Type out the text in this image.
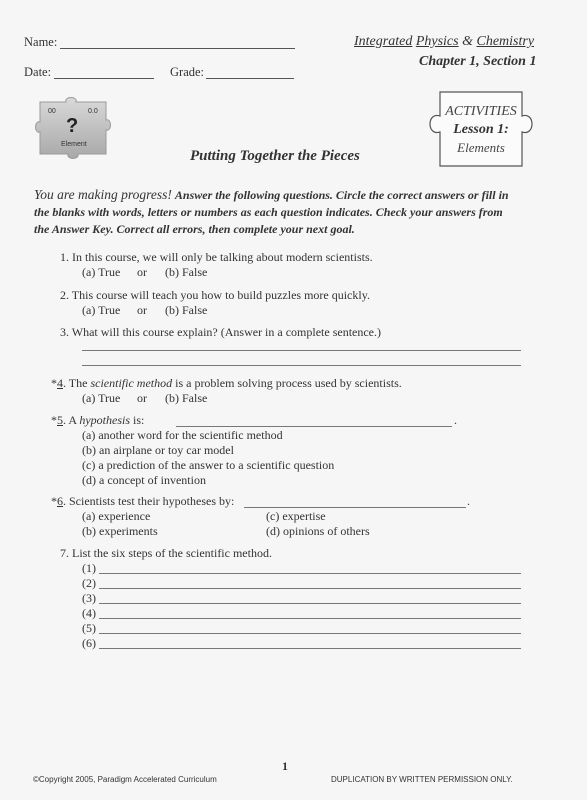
Name:
Date:	Grade:
Integrated Physics & Chemistry
Chapter 1, Section 1
00	0.0
?
Element
ACTIVITIES
Lesson 1:
Elements
Putting Together the Pieces
You are making progress! Answer the following questions. Circle the correct answers or fill in the blanks with words, letters or numbers as each question indicates. Check your answers from the Answer Key. Correct all errors, then complete your next goal.
1. In this course, we will only be talking about modern scientists.
(a) True or (b) False
2. This course will teach you how to build puzzles more quickly.
(a) True or (b) False
3. What will this course explain? (Answer in a complete sentence.)
*4. The scientific method is a problem solving process used by scientists.
(a) True or (b) False
*5. A hypothesis is:	.
(a) another word for the scientific method
(b) an airplane or toy car model
(c) a prediction of the answer to a scientific question
(d) a concept of invention
*6. Scientists test their hypotheses by:	.
(a) experience
(b) experiments
(c) expertise
(d) opinions of others
7. List the six steps of the scientific method.
(1)
(2)
(3)
(4)
(5)
(6)
1
©Copyright 2005, Paradigm Accelerated Curriculum	DUPLICATION BY WRITTEN PERMISSION ONLY.
